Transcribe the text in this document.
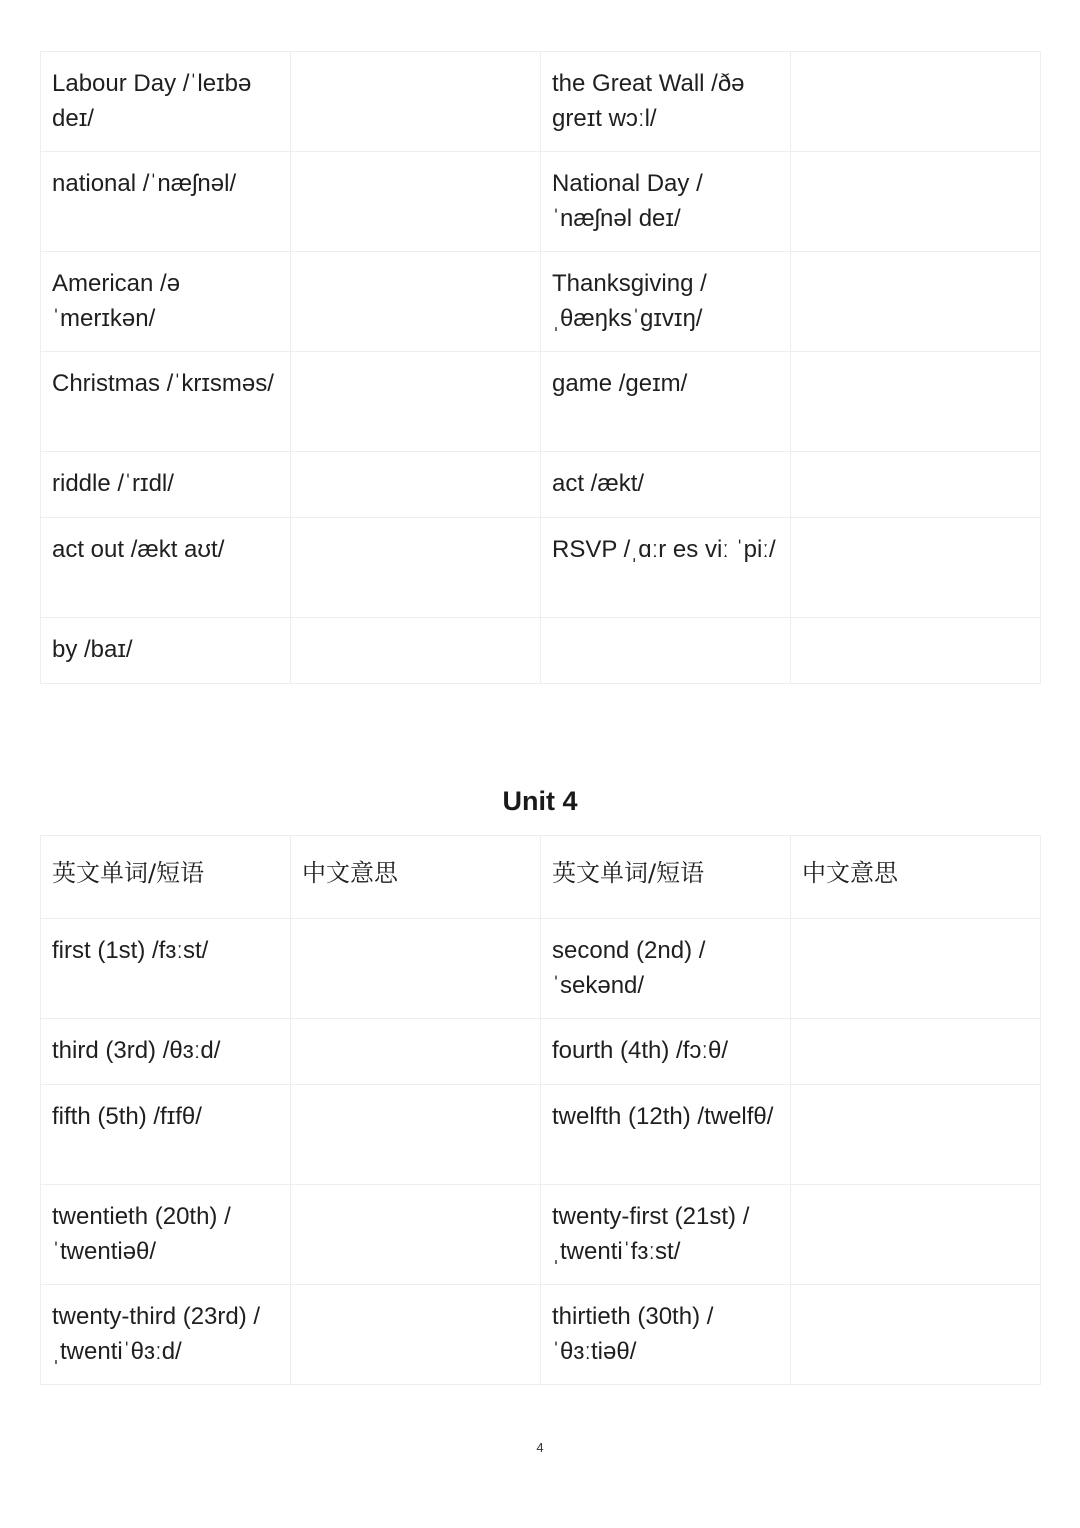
Labour Day /ˈleɪbə deɪ/		the Great Wall /ðə ɡreɪt wɔːl/	
national /ˈnæʃnəl/		National Day /ˈnæʃnəl deɪ/	
American /əˈmerɪkən/		Thanksgiving /ˌθæŋksˈɡɪvɪŋ/	
Christmas /ˈkrɪsməs/		game /ɡeɪm/	
riddle /ˈrɪdl/		act /ækt/	
act out /ækt aʊt/		RSVP /ˌɑːr es viː ˈpiː/	
by /baɪ/			
Unit 4
英文单词/短语	中文意思	英文单词/短语	中文意思
first (1st) /fɜːst/		second (2nd) /ˈsekənd/	
third (3rd) /θɜːd/		fourth (4th) /fɔːθ/	
fifth (5th) /fɪfθ/		twelfth (12th) /twelfθ/	
twentieth (20th) /ˈtwentiəθ/		twenty-first (21st) /ˌtwentiˈfɜːst/	
twenty-third (23rd) /ˌtwentiˈθɜːd/		thirtieth (30th) /ˈθɜːtiəθ/	
4
